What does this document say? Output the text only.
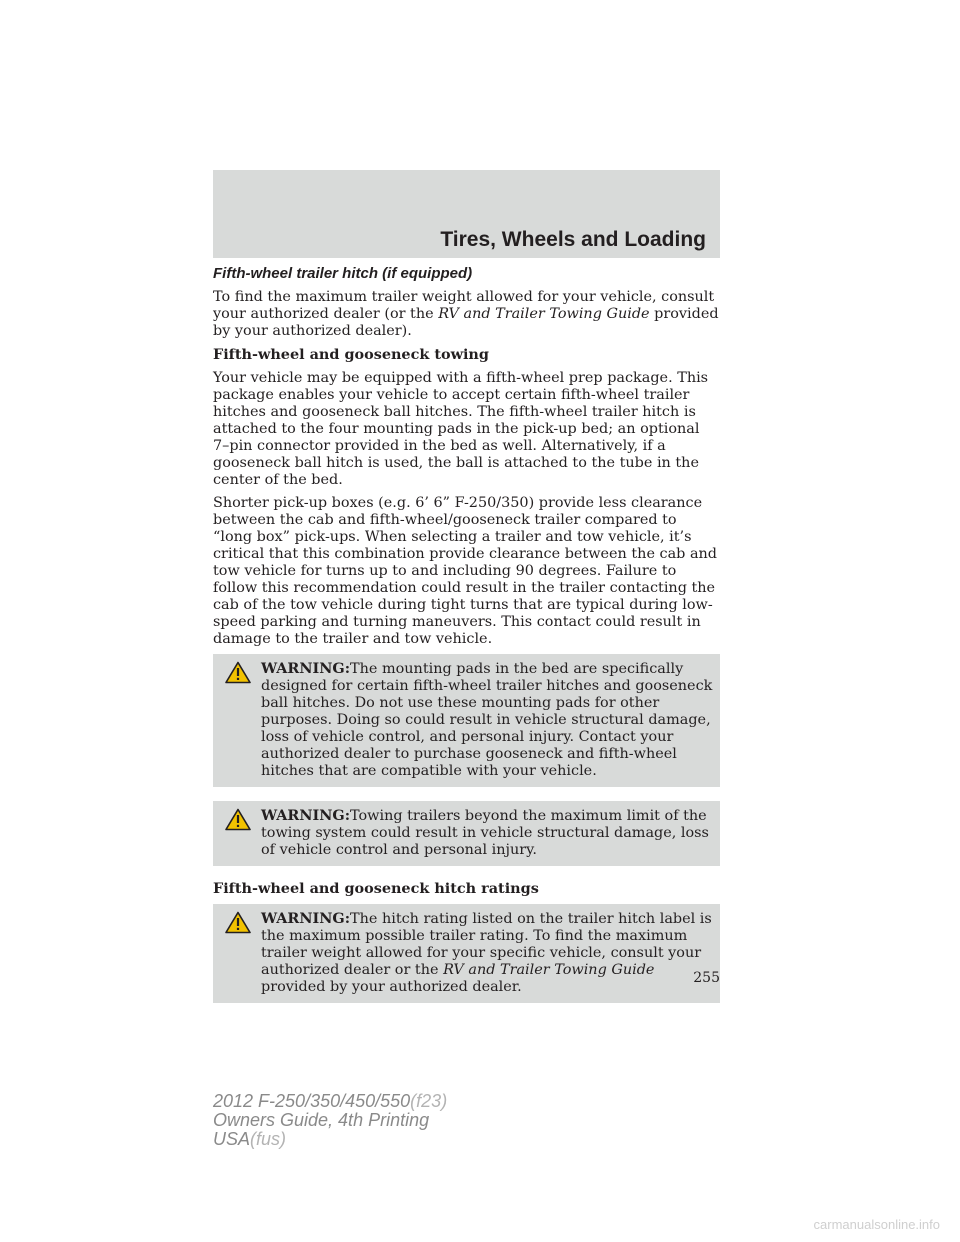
Tires, Wheels and Loading
Fifth-wheel trailer hitch (if equipped)

To find the maximum trailer weight allowed for your vehicle, consult your authorized dealer (or the RV and Trailer Towing Guide provided by your authorized dealer).

Fifth-wheel and gooseneck towing

Your vehicle may be equipped with a fifth-wheel prep package. This package enables your vehicle to accept certain fifth-wheel trailer hitches and gooseneck ball hitches. The fifth-wheel trailer hitch is attached to the four mounting pads in the pick-up bed; an optional 7–pin connector provided in the bed as well. Alternatively, if a gooseneck ball hitch is used, the ball is attached to the tube in the center of the bed.

Shorter pick-up boxes (e.g. 6’ 6” F-250/350) provide less clearance between the cab and fifth-wheel/gooseneck trailer compared to “long box” pick-ups. When selecting a trailer and tow vehicle, it’s critical that this combination provide clearance between the cab and tow vehicle for turns up to and including 90 degrees. Failure to follow this recommendation could result in the trailer contacting the cab of the tow vehicle during tight turns that are typical during low-speed parking and turning maneuvers. This contact could result in damage to the trailer and tow vehicle.

WARNING:The mounting pads in the bed are specifically designed for certain fifth-wheel trailer hitches and gooseneck ball hitches. Do not use these mounting pads for other purposes. Doing so could result in vehicle structural damage, loss of vehicle control, and personal injury. Contact your authorized dealer to purchase gooseneck and fifth-wheel hitches that are compatible with your vehicle.
WARNING:Towing trailers beyond the maximum limit of the towing system could result in vehicle structural damage, loss of vehicle control and personal injury.
Fifth-wheel and gooseneck hitch ratings
WARNING:The hitch rating listed on the trailer hitch label is the maximum possible trailer rating. To find the maximum trailer weight allowed for your specific vehicle, consult your authorized dealer or the RV and Trailer Towing Guide provided by your authorized dealer.
255
2012 F-250/350/450/550(f23)
Owners Guide, 4th Printing
USA(fus)
carmanualsonline.info
